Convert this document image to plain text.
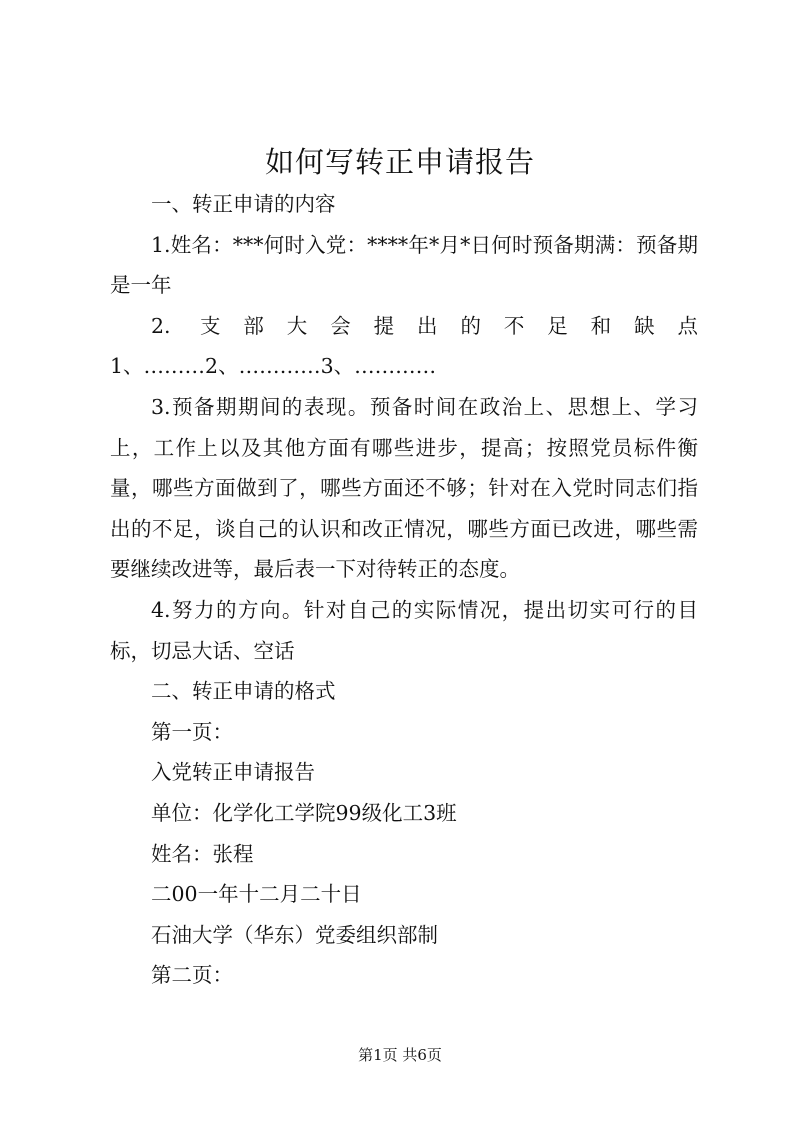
如何写转正申请报告

一、转正申请的内容

1.姓名：***何时入党：****年*月*日何时预备期满：预备期是一年

2. 支部大会提出的不足和缺点

1、………2、…………3、…………

3.预备期期间的表现。预备时间在政治上、思想上、学习上，工作上以及其他方面有哪些进步，提高；按照党员标件衡量，哪些方面做到了，哪些方面还不够；针对在入党时同志们指出的不足，谈自己的认识和改正情况，哪些方面已改进，哪些需要继续改进等，最后表一下对待转正的态度。

4.努力的方向。针对自己的实际情况，提出切实可行的目标，切忌大话、空话

二、转正申请的格式

第一页：

入党转正申请报告

单位：化学化工学院99级化工3班

姓名：张程

二00一年十二月二十日

石油大学（华东）党委组织部制

第二页：

第1页 共6页
